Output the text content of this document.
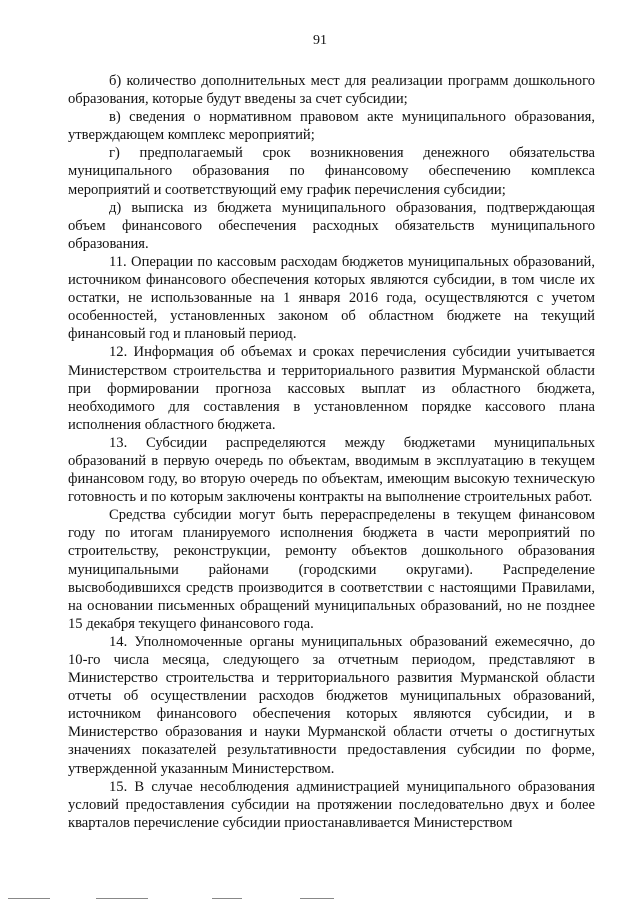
91

б) количество дополнительных мест для реализации программ дошкольного образования, которые будут введены за счет субсидии;

в) сведения о нормативном правовом акте муниципального образования, утверждающем комплекс мероприятий;

г) предполагаемый срок возникновения денежного обязательства муниципального образования по финансовому обеспечению комплекса мероприятий и соответствующий ему график перечисления субсидии;

д) выписка из бюджета муниципального образования, подтверждающая объем финансового обеспечения расходных обязательств муниципального образования.

11. Операции по кассовым расходам бюджетов муниципальных образований, источником финансового обеспечения которых являются субсидии, в том числе их остатки, не использованные на 1 января 2016 года, осуществляются с учетом особенностей, установленных законом об областном бюджете на текущий финансовый год и плановый период.

12. Информация об объемах и сроках перечисления субсидии учитывается Министерством строительства и территориального развития Мурманской области при формировании прогноза кассовых выплат из областного бюджета, необходимого для составления в установленном порядке кассового плана исполнения областного бюджета.

13. Субсидии распределяются между бюджетами муниципальных образований в первую очередь по объектам, вводимым в эксплуатацию в текущем финансовом году, во вторую очередь по объектам, имеющим высокую техническую готовность и по которым заключены контракты на выполнение строительных работ.

Средства субсидии могут быть перераспределены в текущем финансовом году по итогам планируемого исполнения бюджета в части мероприятий по строительству, реконструкции, ремонту объектов дошкольного образования муниципальными районами (городскими округами). Распределение высвободившихся средств производится в соответствии с настоящими Правилами, на основании письменных обращений муниципальных образований, но не позднее 15 декабря текущего финансового года.

14. Уполномоченные органы муниципальных образований ежемесячно, до 10-го числа месяца, следующего за отчетным периодом, представляют в Министерство строительства и территориального развития Мурманской области отчеты об осуществлении расходов бюджетов муниципальных образований, источником финансового обеспечения которых являются субсидии, и в Министерство образования и науки Мурманской области отчеты о достигнутых значениях показателей результативности предоставления субсидии по форме, утвержденной указанным Министерством.

15. В случае несоблюдения администрацией муниципального образования условий предоставления субсидии на протяжении последовательно двух и более кварталов перечисление субсидии приостанавливается Министерством
